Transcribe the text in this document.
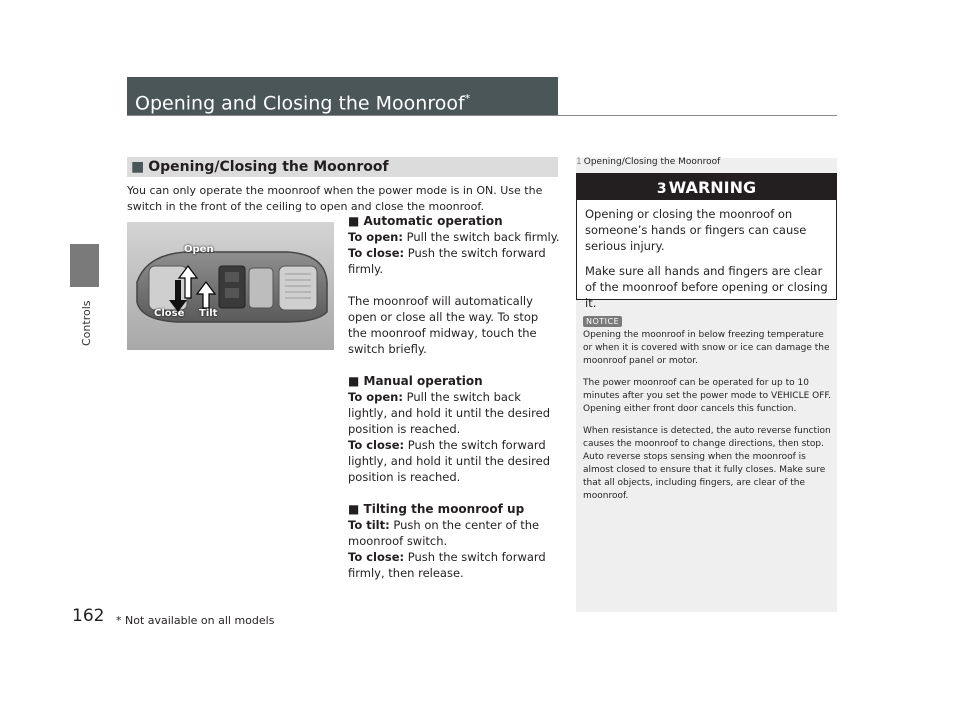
Controls
162 * Not available on all models
Opening and Closing the Moonroof*
■ Opening/Closing the Moonroof
You can only operate the moonroof when the power mode is in ON. Use the switch in the front of the ceiling to open and close the moonroof.
Open
Close Tilt

■ Automatic operation

To open: Pull the switch back firmly.

To close: Push the switch forward firmly.

The moonroof will automatically open or close all the way. To stop the moonroof midway, touch the switch briefly.

■ Manual operation

To open: Pull the switch back lightly, and hold it until the desired position is reached.

To close: Push the switch forward lightly, and hold it until the desired position is reached.

■ Tilting the moonroof up

To tilt: Push on the center of the moonroof switch.

To close: Push the switch forward firmly, then release.

1 Opening/Closing the Moonroof
3 WARNING

Opening or closing the moonroof on someone’s hands or fingers can cause serious injury.

Make sure all hands and fingers are clear of the moonroof before opening or closing it.

NOTICE

Opening the moonroof in below freezing temperature or when it is covered with snow or ice can damage the moonroof panel or motor.

The power moonroof can be operated for up to 10 minutes after you set the power mode to VEHICLE OFF. Opening either front door cancels this function.

When resistance is detected, the auto reverse function causes the moonroof to change directions, then stop. Auto reverse stops sensing when the moonroof is almost closed to ensure that it fully closes. Make sure that all objects, including fingers, are clear of the moonroof.
